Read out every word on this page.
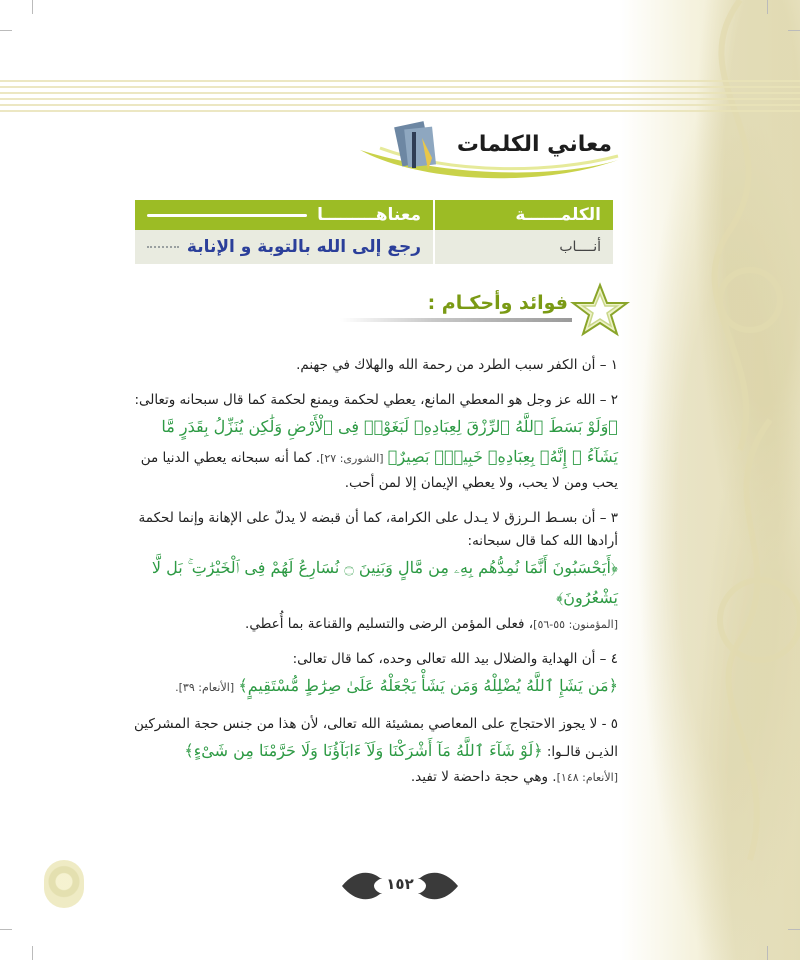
معاني الكلمات
الكلمــــــة
معناهـــــــــا
أنــــاب
رجع إلى الله بالتوبة و الإنابة
فوائد وأحكـام :

١ – أن الكفر سبب الطرد من رحمة الله والهلاك في جهنم.

٢ – الله عز وجل هو المعطي المانع، يعطي لحكمة ويمنع لحكمة كما قال سبحانه وتعالى:
﴿وَلَوْ بَسَطَ ٱللَّهُ ٱلرِّزْقَ لِعِبَادِهِۦ لَبَغَوْا۟ فِى ٱلْأَرْضِ وَلَٰكِن يُنَزِّلُ بِقَدَرٍ مَّا يَشَآءُ ۚ إِنَّهُۥ بِعِبَادِهِۦ خَبِيرٌۢ بَصِيرٌ﴾ [الشورى: ٢٧]. كما أنه سبحانه يعطي الدنيا من يحب ومن لا يحب، ولا يعطي الإيمان إلا لمن أحب.

٣ – أن بسـط الـرزق لا يـدل على الكرامة، كما أن قبضه لا يدلّ على الإهانة وإنما لحكمة أرادها الله كما قال سبحانه:
﴿أَيَحْسَبُونَ أَنَّمَا نُمِدُّهُم بِهِۦ مِن مَّالٍ وَبَنِينَ ۝ نُسَارِعُ لَهُمْ فِى ٱلْخَيْرَٰتِ ۚ بَل لَّا يَشْعُرُونَ﴾
[المؤمنون: ٥٥-٥٦]، فعلى المؤمن الرضى والتسليم والقناعة بما أُعطي.

٤ – أن الهداية والضلال بيد الله تعالى وحده، كما قال تعالى:
﴿مَن يَشَإِ ٱللَّهُ يُضْلِلْهُ وَمَن يَشَأْ يَجْعَلْهُ عَلَىٰ صِرَٰطٍ مُّسْتَقِيمٍ﴾ [الأنعام: ٣٩].

٥ - لا يجوز الاحتجاج على المعاصي بمشيئة الله تعالى، لأن هذا من جنس حجة المشركين الذيـن قالـوا: ﴿لَوْ شَآءَ ٱللَّهُ مَآ أَشْرَكْنَا وَلَآ ءَابَآؤُنَا وَلَا حَرَّمْنَا مِن شَىْءٍ﴾
[الأنعام: ١٤٨]. وهي حجة داحضة لا تفيد.

١٥٢
